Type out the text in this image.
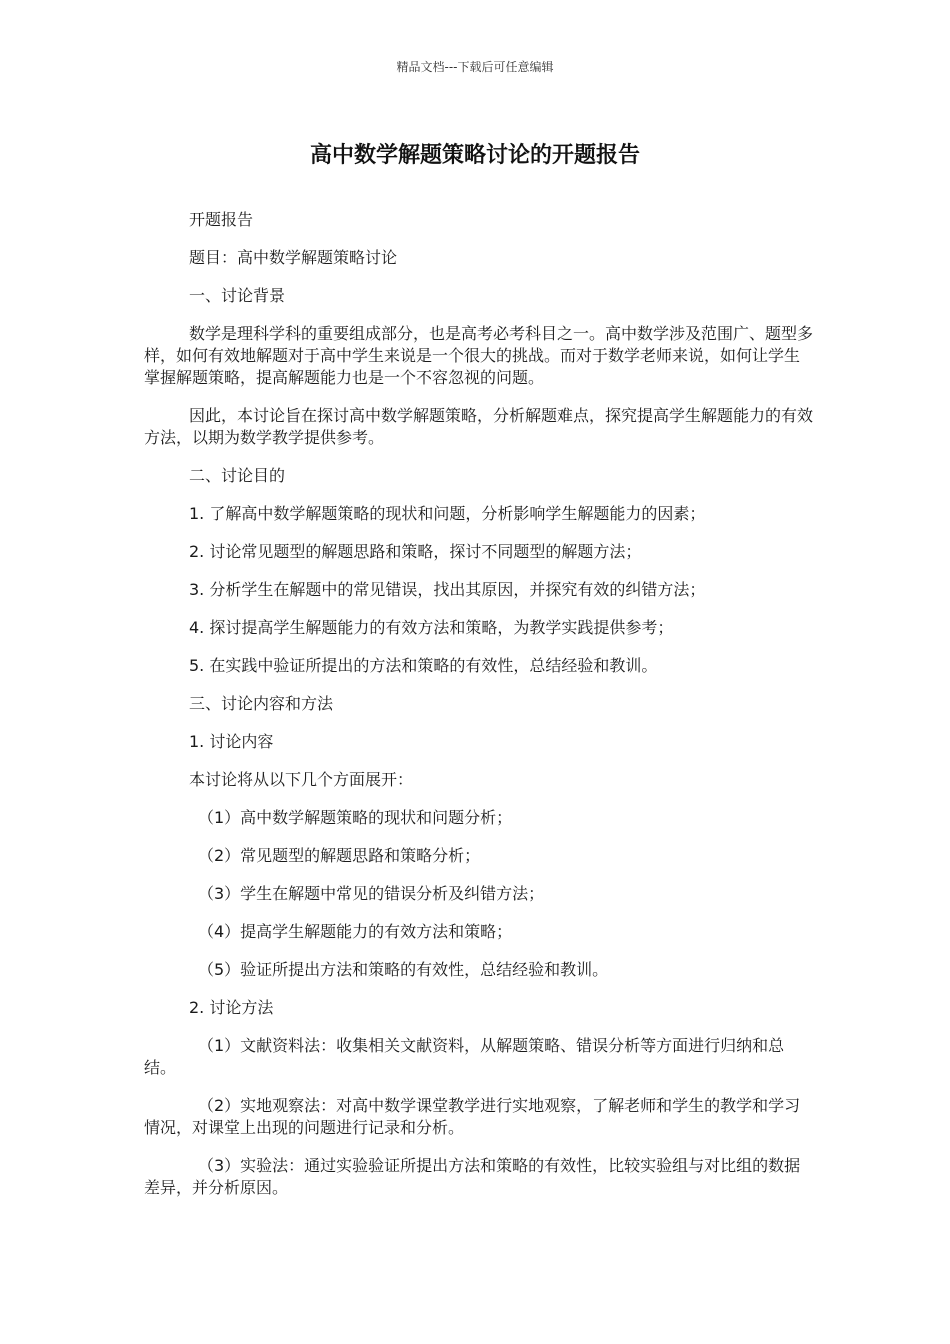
精品文档---下载后可任意编辑
高中数学解题策略讨论的开题报告

开题报告

题目：高中数学解题策略讨论

一、讨论背景

数学是理科学科的重要组成部分，也是高考必考科目之一。高中数学涉及范围广、题型多样，如何有效地解题对于高中学生来说是一个很大的挑战。而对于数学老师来说，如何让学生掌握解题策略，提高解题能力也是一个不容忽视的问题。

因此，本讨论旨在探讨高中数学解题策略，分析解题难点，探究提高学生解题能力的有效方法，以期为数学教学提供参考。

二、讨论目的

1. 了解高中数学解题策略的现状和问题，分析影响学生解题能力的因素；

2. 讨论常见题型的解题思路和策略，探讨不同题型的解题方法；

3. 分析学生在解题中的常见错误，找出其原因，并探究有效的纠错方法；

4. 探讨提高学生解题能力的有效方法和策略，为教学实践提供参考；

5. 在实践中验证所提出的方法和策略的有效性，总结经验和教训。

三、讨论内容和方法

1. 讨论内容

本讨论将从以下几个方面展开：

（1）高中数学解题策略的现状和问题分析；

（2）常见题型的解题思路和策略分析；

（3）学生在解题中常见的错误分析及纠错方法；

（4）提高学生解题能力的有效方法和策略；

（5）验证所提出方法和策略的有效性，总结经验和教训。

2. 讨论方法

（1）文献资料法：收集相关文献资料，从解题策略、错误分析等方面进行归纳和总结。

（2）实地观察法：对高中数学课堂教学进行实地观察，了解老师和学生的教学和学习情况，对课堂上出现的问题进行记录和分析。

（3）实验法：通过实验验证所提出方法和策略的有效性，比较实验组与对比组的数据差异，并分析原因。
